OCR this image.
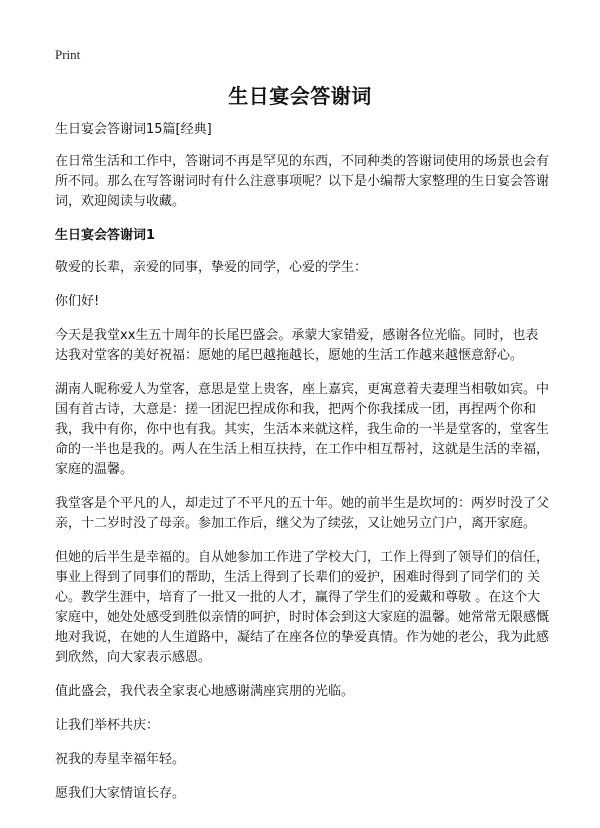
Print
生日宴会答谢词

生日宴会答谢词15篇[经典]

在日常生活和工作中，答谢词不再是罕见的东西，不同种类的答谢词使用的场景也会有所不同。那么在写答谢词时有什么注意事项呢？以下是小编帮大家整理的生日宴会答谢词，欢迎阅读与收藏。

生日宴会答谢词1

敬爱的长辈，亲爱的同事，挚爱的同学，心爱的学生：

你们好!

今天是我堂xx生五十周年的长尾巴盛会。承蒙大家错爱，感谢各位光临。同时，也表达我对堂客的美好祝福：愿她的尾巴越拖越长，愿她的生活工作越来越惬意舒心。

湖南人昵称爱人为堂客，意思是堂上贵客，座上嘉宾，更寓意着夫妻理当相敬如宾。中国有首古诗，大意是：搓一团泥巴捏成你和我，把两个你我揉成一团，再捏两个你和我，我中有你，你中也有我。其实，生活本来就这样，我生命的一半是堂客的，堂客生命的一半也是我的。两人在生活上相互扶持，在工作中相互帮衬，这就是生活的幸福，家庭的温馨。

我堂客是个平凡的人，却走过了不平凡的五十年。她的前半生是坎坷的：两岁时没了父亲，十二岁时没了母亲。参加工作后，继父为了续弦，又让她另立门户，离开家庭。

但她的后半生是幸福的。自从她参加工作进了学校大门，工作上得到了领导们的信任，事业上得到了同事们的帮助，生活上得到了长辈们的爱护，困难时得到了同学们的 关心。教学生涯中，培育了一批又一批的人才，赢得了学生们的爱戴和尊敬 。在这个大家庭中，她处处感受到胜似亲情的呵护，时时体会到这大家庭的温馨。她常常无限感慨地对我说，在她的人生道路中，凝结了在座各位的挚爱真情。作为她的老公，我为此感到欣然，向大家表示感恩。

值此盛会，我代表全家衷心地感谢满座宾朋的光临。

让我们举杯共庆：

祝我的寿星幸福年轻。

愿我们大家情谊长存。
